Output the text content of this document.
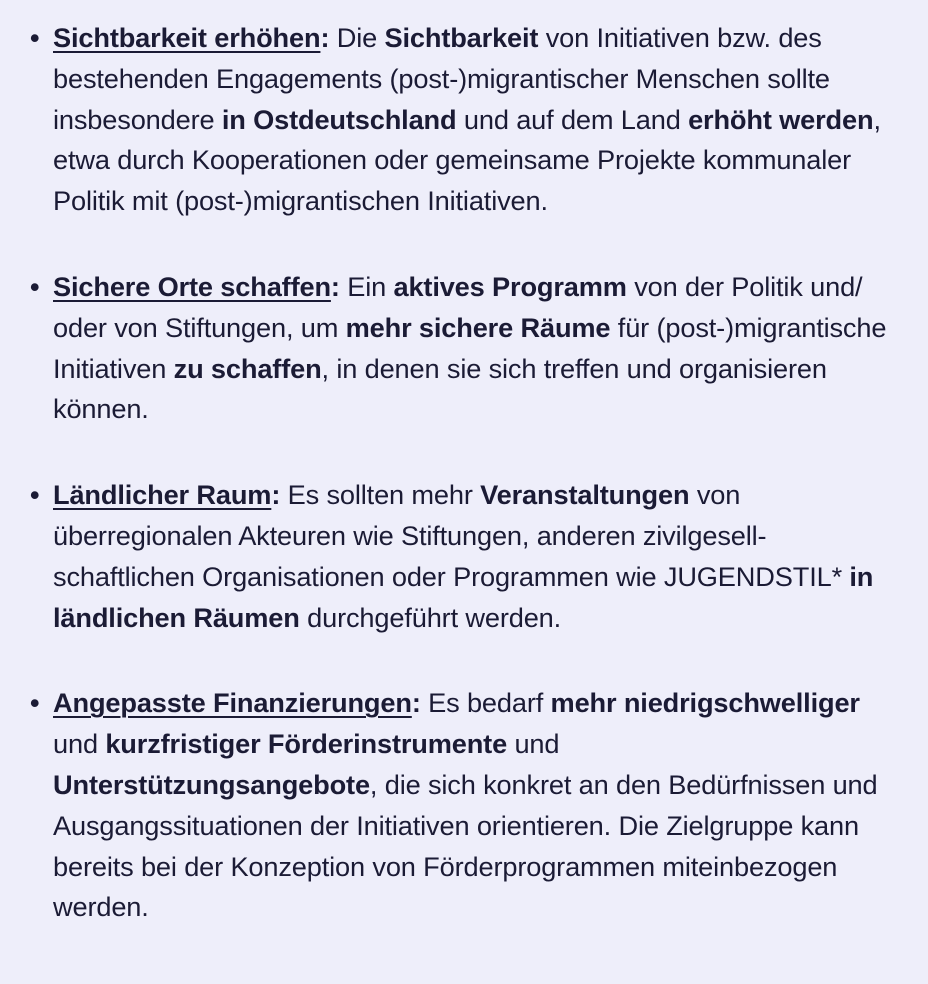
• Sichtbarkeit erhöhen: Die Sichtbarkeit von Initiativen bzw. des bestehenden Engagements (post-)migrantischer Menschen sollte insbesondere in Ostdeutschland und auf dem Land erhöht werden, etwa durch Kooperationen oder gemeinsame Projekte kommunaler Politik mit (post-)migrantischen Initiativen.
• Sichere Orte schaffen: Ein aktives Programm von der Politik und/ oder von Stiftungen, um mehr sichere Räume für (post-)migrantische Initiativen zu schaffen, in denen sie sich treffen und organisieren können.
• Ländlicher Raum: Es sollten mehr Veranstaltungen von überregionalen Akteuren wie Stiftungen, anderen zivilgesellschaftlichen Organisationen oder Programmen wie JUGENDSTIL* in ländlichen Räumen durchgeführt werden.
• Angepasste Finanzierungen: Es bedarf mehr niedrigschwelliger und kurzfristiger Förderinstrumente und Unterstützungsangebote, die sich konkret an den Bedürfnissen und Ausgangssituationen der Initiativen orientieren. Die Zielgruppe kann bereits bei der Konzeption von Förderprogrammen miteinbezogen werden.
